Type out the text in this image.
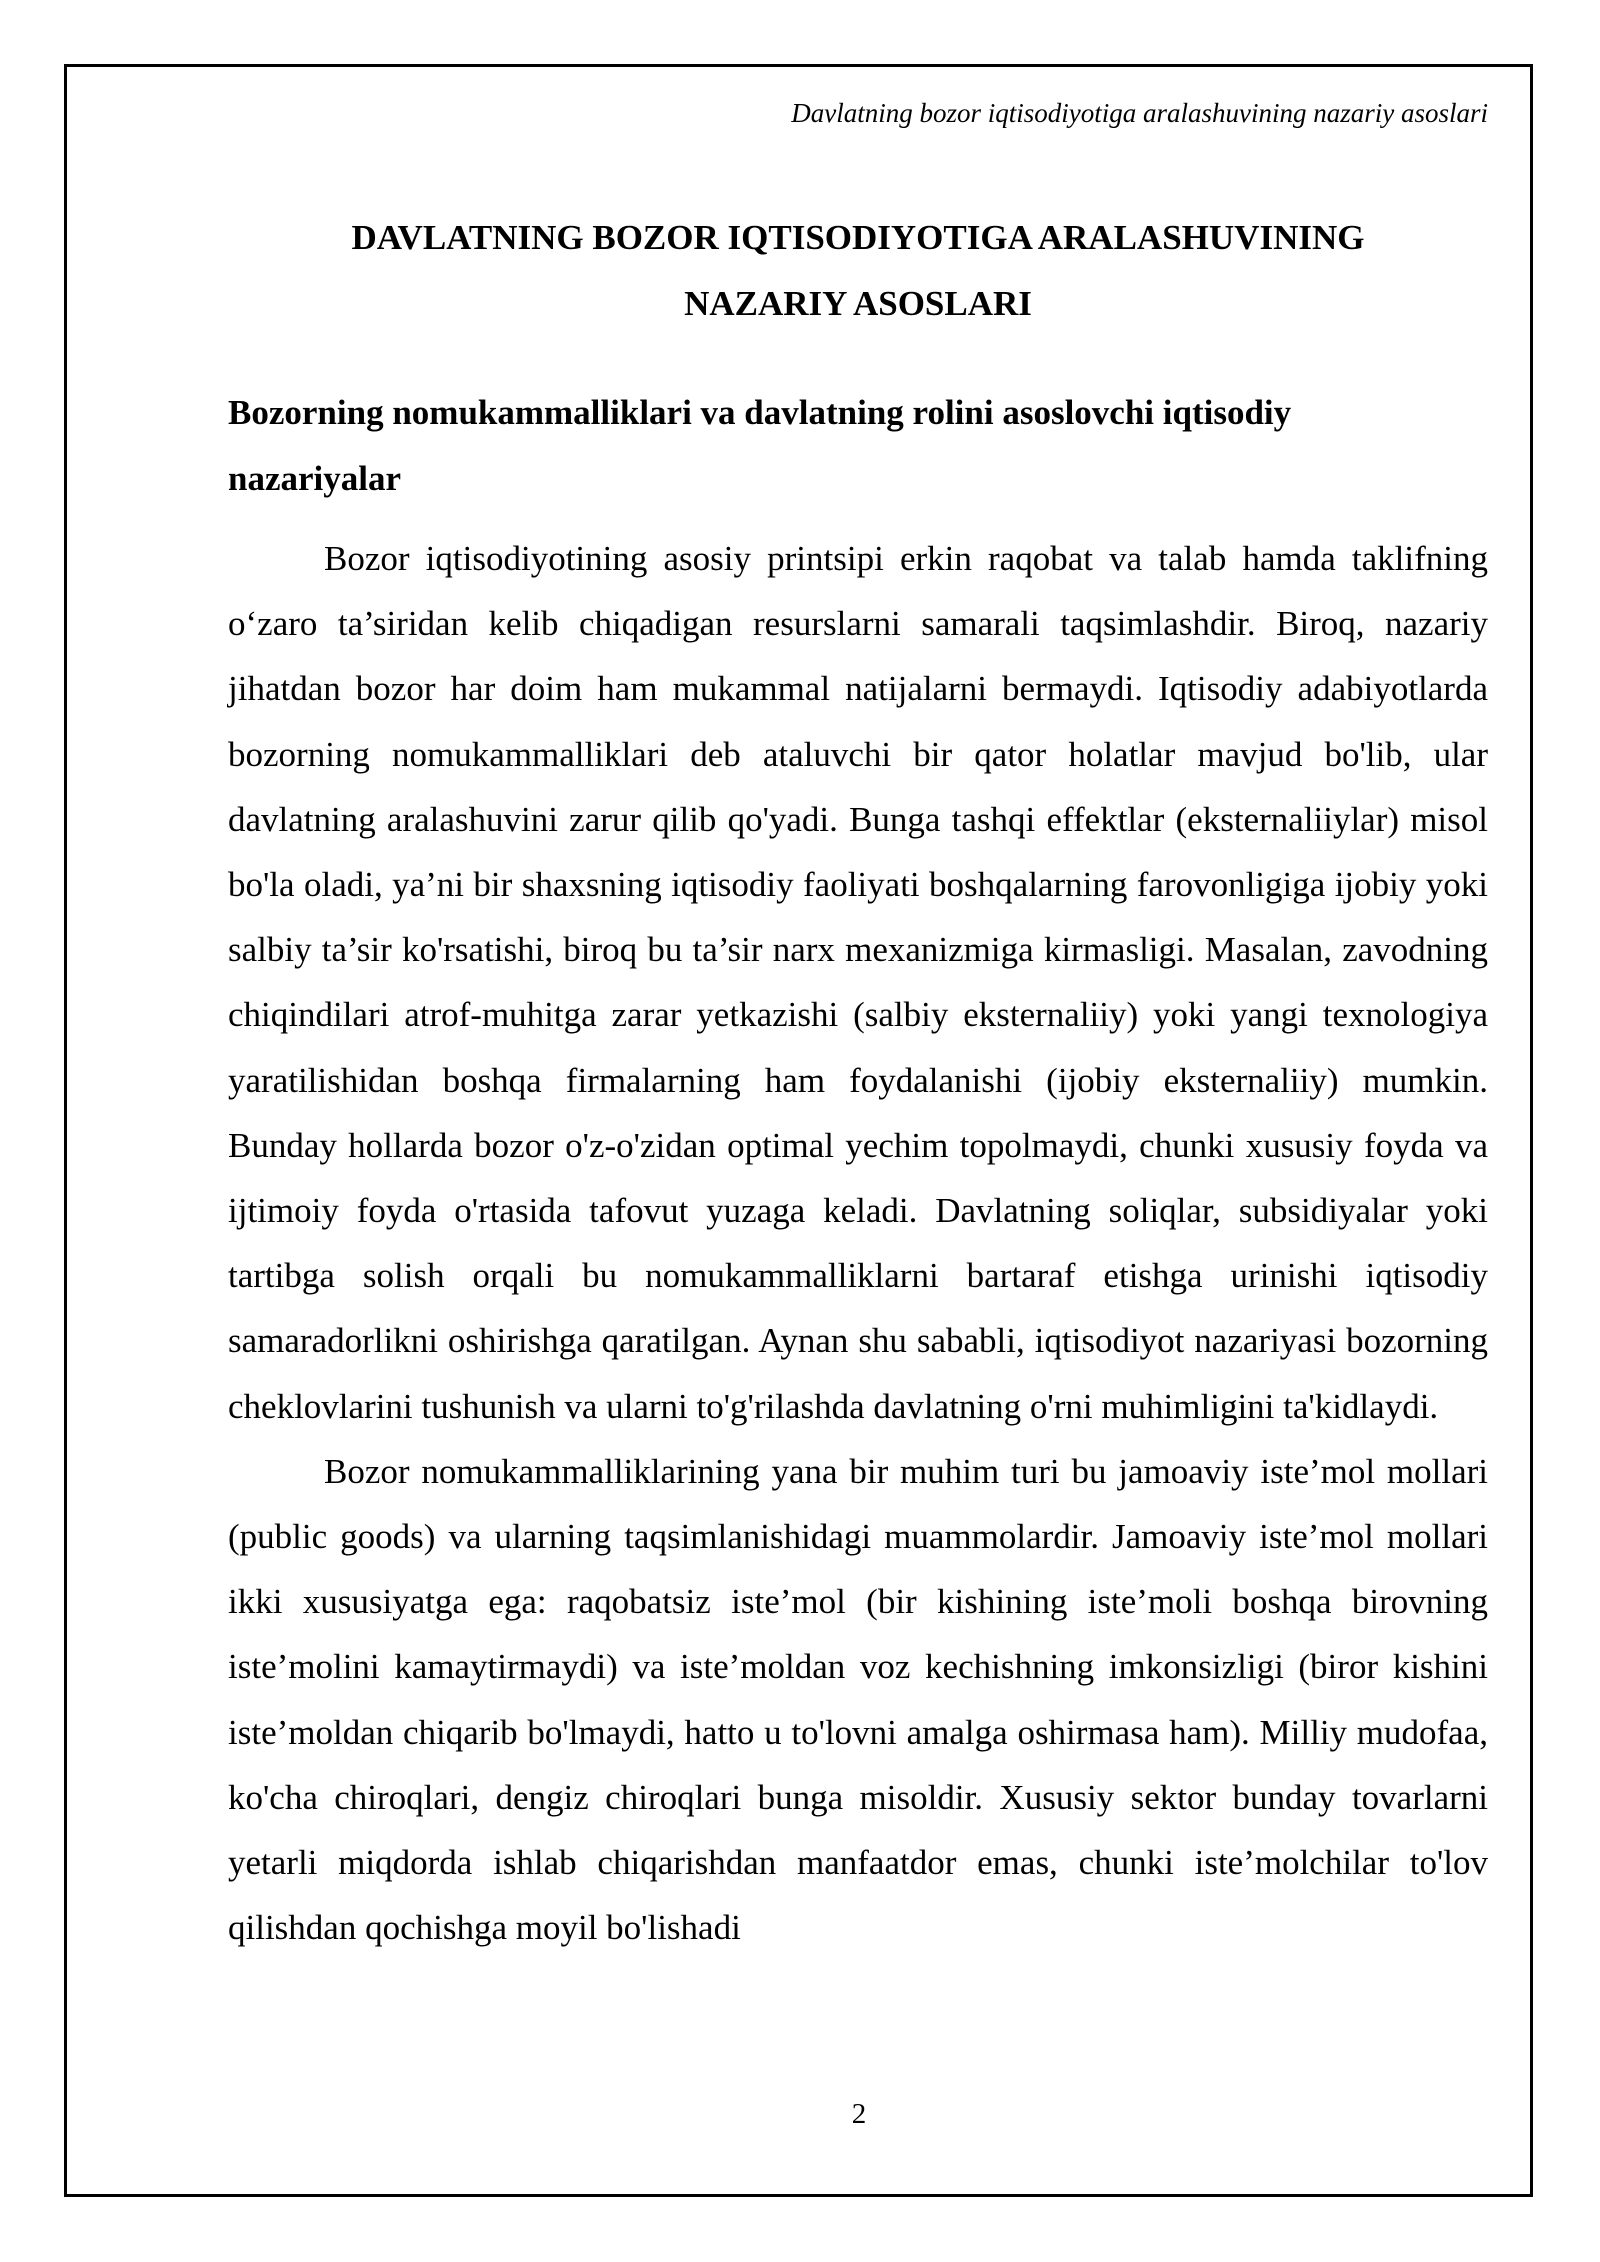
Davlatning bozor iqtisodiyotiga aralashuvining nazariy asoslari
DAVLATNING BOZOR IQTISODIYOTIGA ARALASHUVINING
NAZARIY ASOSLARI
Bozorning nomukammalliklari va davlatning rolini asoslovchi iqtisodiy
nazariyalar

Bozor iqtisodiyotining asosiy printsipi erkin raqobat va talab hamda taklifning o‘zaro ta’siridan kelib chiqadigan resurslarni samarali taqsimlashdir. Biroq, nazariy jihatdan bozor har doim ham mukammal natijalarni bermaydi. Iqtisodiy adabiyotlarda bozorning nomukammalliklari deb ataluvchi bir qator holatlar mavjud bo'lib, ular davlatning aralashuvini zarur qilib qo'yadi. Bunga tashqi effektlar (eksternaliiylar) misol bo'la oladi, ya’ni bir shaxsning iqtisodiy faoliyati boshqalarning farovonligiga ijobiy yoki salbiy ta’sir ko'rsatishi, biroq bu ta’sir narx mexanizmiga kirmasligi. Masalan, zavodning chiqindilari atrof-muhitga zarar yetkazishi (salbiy eksternaliiy) yoki yangi texnologiya yaratilishidan boshqa firmalarning ham foydalanishi (ijobiy eksternaliiy) mumkin. Bunday hollarda bozor o'z-o'zidan optimal yechim topolmaydi, chunki xususiy foyda va ijtimoiy foyda o'rtasida tafovut yuzaga keladi. Davlatning soliqlar, subsidiyalar yoki tartibga solish orqali bu nomukammalliklarni bartaraf etishga urinishi iqtisodiy samaradorlikni oshirishga qaratilgan. Aynan shu sababli, iqtisodiyot nazariyasi bozorning cheklovlarini tushunish va ularni to'g'rilashda davlatning o'rni muhimligini ta'kidlaydi.

Bozor nomukammalliklarining yana bir muhim turi bu jamoaviy iste’mol mollari (public goods) va ularning taqsimlanishidagi muammolardir. Jamoaviy iste’mol mollari ikki xususiyatga ega: raqobatsiz iste’mol (bir kishining iste’moli boshqa birovning iste’molini kamaytirmaydi) va iste’moldan voz kechishning imkonsizligi (biror kishini iste’moldan chiqarib bo'lmaydi, hatto u to'lovni amalga oshirmasa ham). Milliy mudofaa, ko'cha chiroqlari, dengiz chiroqlari bunga misoldir. Xususiy sektor bunday tovarlarni yetarli miqdorda ishlab chiqarishdan manfaatdor emas, chunki iste’molchilar to'lov qilishdan qochishga moyil bo'lishadi

2
